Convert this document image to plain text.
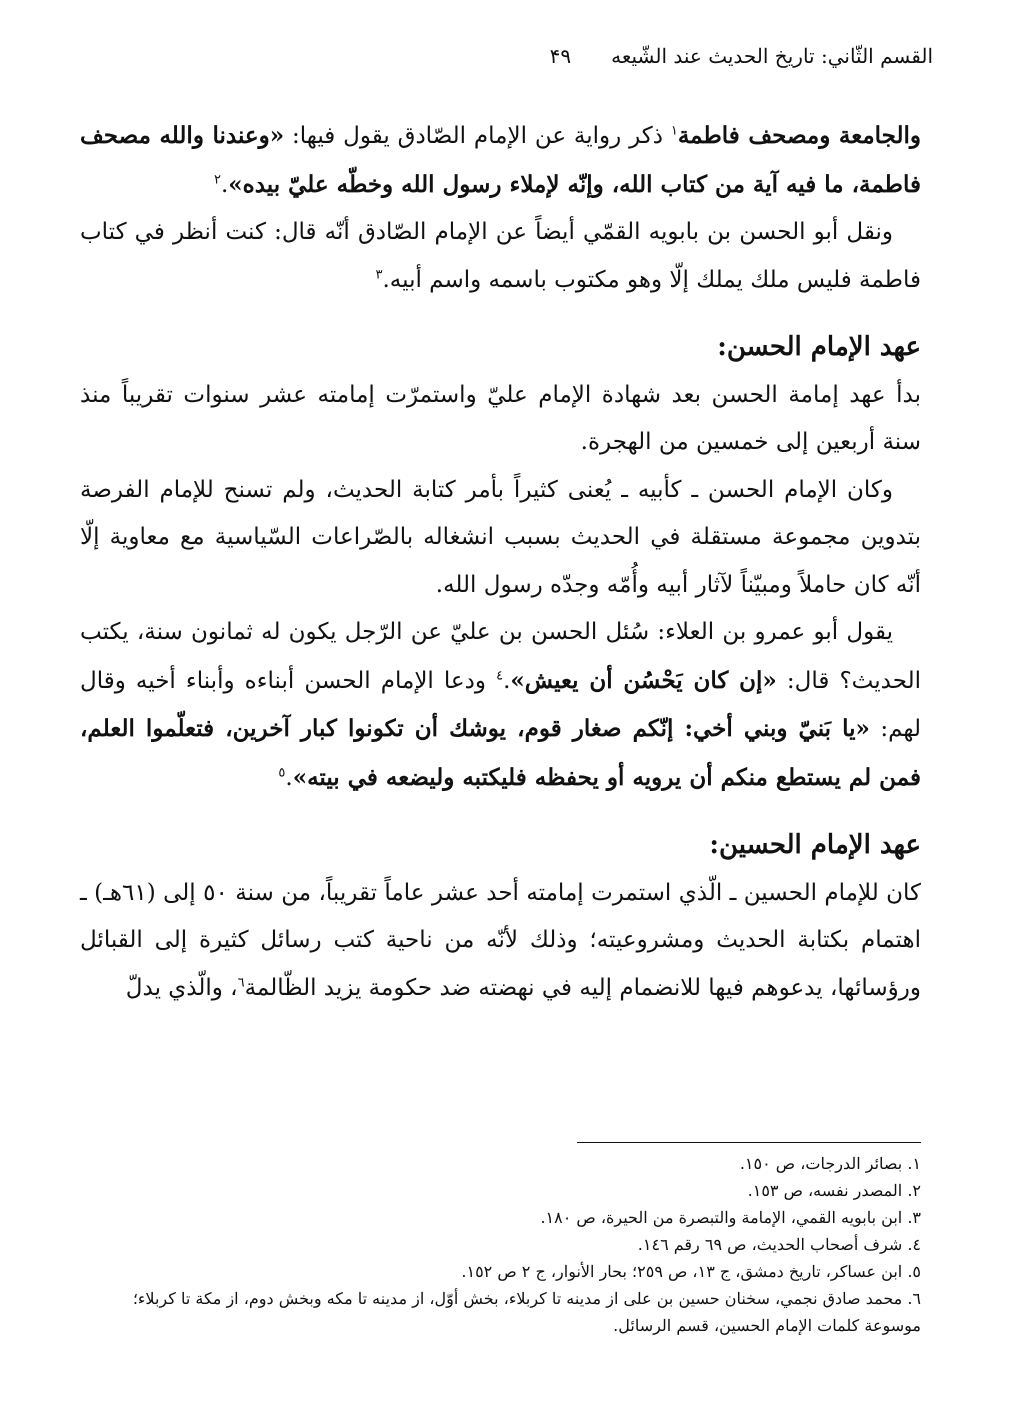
القسم الثّاني: تاريخ الحديث عند الشّيعه
۴۹

والجامعة ومصحف فاطمة$^١$ ذكر رواية عن الإمام الصّادق يقول فيها: «وعندنا والله مصحف فاطمة، ما فيه آية من كتاب الله، وإنّه لإملاء رسول الله وخطّه عليّ بيده».$^٢$

ونقل أبو الحسن بن بابويه القمّي أيضاً عن الإمام الصّادق أنّه قال: كنت أنظر في كتاب فاطمة فليس ملك يملك إلّا وهو مكتوب باسمه واسم أبيه.$^٣$

عهد الإمام الحسن:

بدأ عهد إمامة الحسن بعد شهادة الإمام عليّ واستمرّت إمامته عشر سنوات تقريباً منذ سنة أربعين إلى خمسين من الهجرة.

وكان الإمام الحسن ـ كأبيه ـ يُعنى كثيراً بأمر كتابة الحديث، ولم تسنح للإمام الفرصة بتدوين مجموعة مستقلة في الحديث بسبب انشغاله بالصّراعات السّياسية مع معاوية إلّا أنّه كان حاملاً ومبيّناً لآثار أبيه وأُمّه وجدّه رسول الله.

يقول أبو عمرو بن العلاء: سُئل الحسن بن عليّ عن الرّجل يكون له ثمانون سنة، يكتب الحديث؟ قال: «إن كان يَحْسُن أن يعيش».$^٤$ ودعا الإمام الحسن أبناءه وأبناء أخيه وقال لهم: «يا بَنيّ وبني أخي: إنّكم صغار قوم، يوشك أن تكونوا كبار آخرين، فتعلّموا العلم، فمن لم يستطع منكم أن يرويه أو يحفظه فليكتبه وليضعه في بيته».$^٥$

عهد الإمام الحسين:

كان للإمام الحسين ـ الّذي استمرت إمامته أحد عشر عاماً تقريباً، من سنة ٥٠ إلى (٦١هـ) ـ اهتمام بكتابة الحديث ومشروعيته؛ وذلك لأنّه من ناحية كتب رسائل كثيرة إلى القبائل ورؤسائها، يدعوهم فيها للانضمام إليه في نهضته ضد حكومة يزيد الظّالمة$^٦$، والّذي يدلّ

١. بصائر الدرجات، ص ١٥٠.

٢. المصدر نفسه، ص ١٥٣.

٣. ابن بابويه القمي، الإمامة والتبصرة من الحيرة، ص ١٨٠.

٤. شرف أصحاب الحديث، ص ٦٩ رقم ١٤٦.

٥. ابن عساكر، تاريخ دمشق، ج ١٣، ص ٢٥٩؛ بحار الأنوار، ج ٢ ص ١٥٢.

٦. محمد صادق نجمي، سخنان حسين بن على از مدينه تا كربلاء، بخش أوّل، از مدينه تا مكه وبخش دوم، از مكة تا كربلاء؛ موسوعة كلمات الإمام الحسين، قسم الرسائل.
